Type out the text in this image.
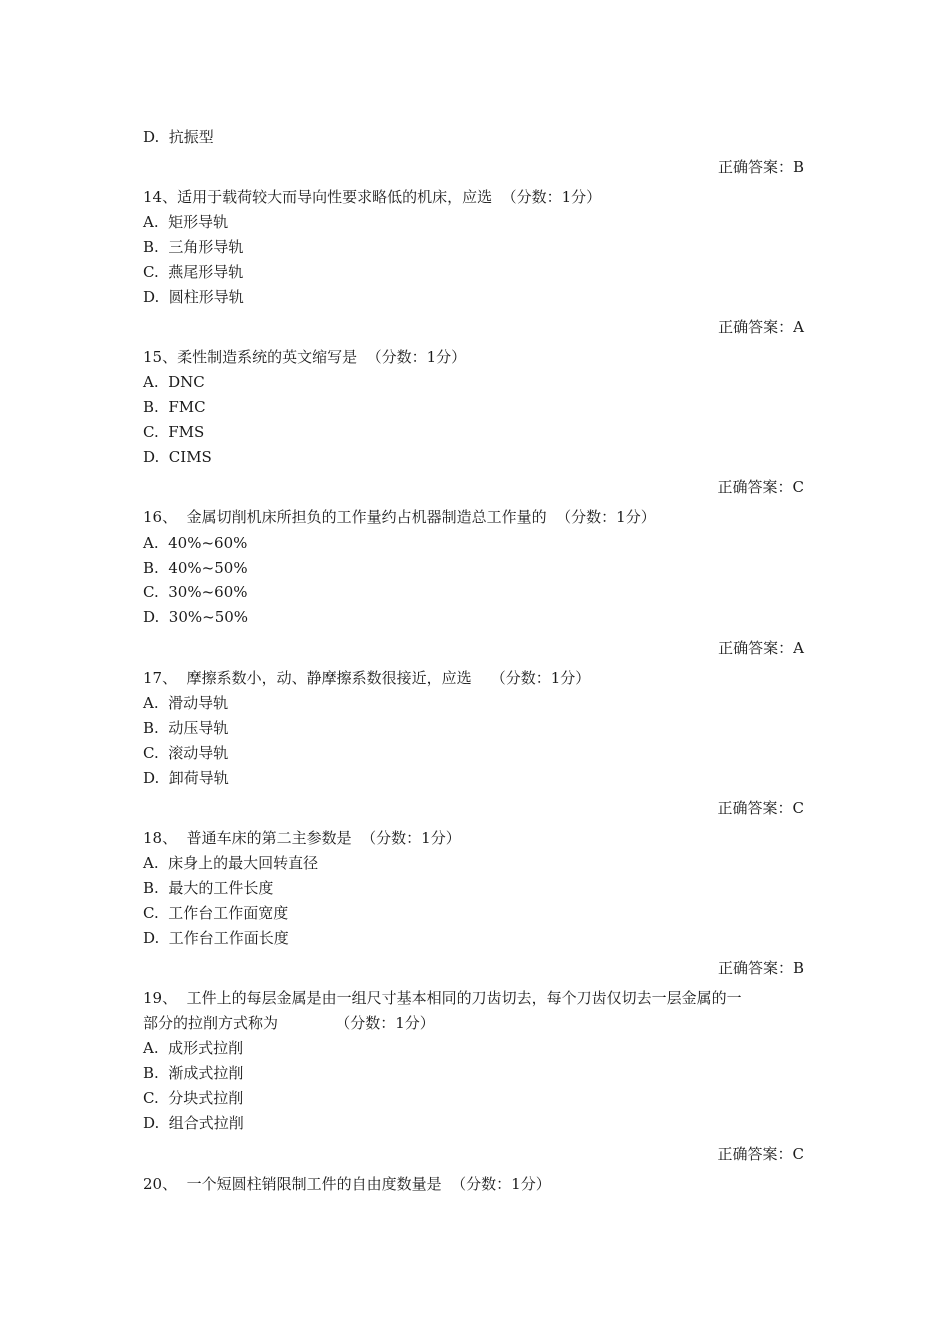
D.  抗振型
正确答案：B
14、适用于载荷较大而导向性要求略低的机床，应选  （分数：1分）
A.  矩形导轨
B.  三角形导轨
C.  燕尾形导轨
D.  圆柱形导轨
正确答案：A
15、柔性制造系统的英文缩写是  （分数：1分）
A.  DNC
B.  FMC
C.  FMS
D.  CIMS
正确答案：C
16、  金属切削机床所担负的工作量约占机器制造总工作量的  （分数：1分）
A.  40%~60%
B.  40%~50%
C.  30%~60%
D.  30%~50%
正确答案：A
17、  摩擦系数小，动、静摩擦系数很接近，应选    （分数：1分）
A.  滑动导轨
B.  动压导轨
C.  滚动导轨
D.  卸荷导轨
正确答案：C
18、  普通车床的第二主参数是  （分数：1分）
A.  床身上的最大回转直径
B.  最大的工件长度
C.  工作台工作面宽度
D.  工作台工作面长度
正确答案：B
19、  工件上的每层金属是由一组尺寸基本相同的刀齿切去，每个刀齿仅切去一层金属的一
部分的拉削方式称为            （分数：1分）
A.  成形式拉削
B.  渐成式拉削
C.  分块式拉削
D.  组合式拉削
正确答案：C
20、  一个短圆柱销限制工件的自由度数量是  （分数：1分）
